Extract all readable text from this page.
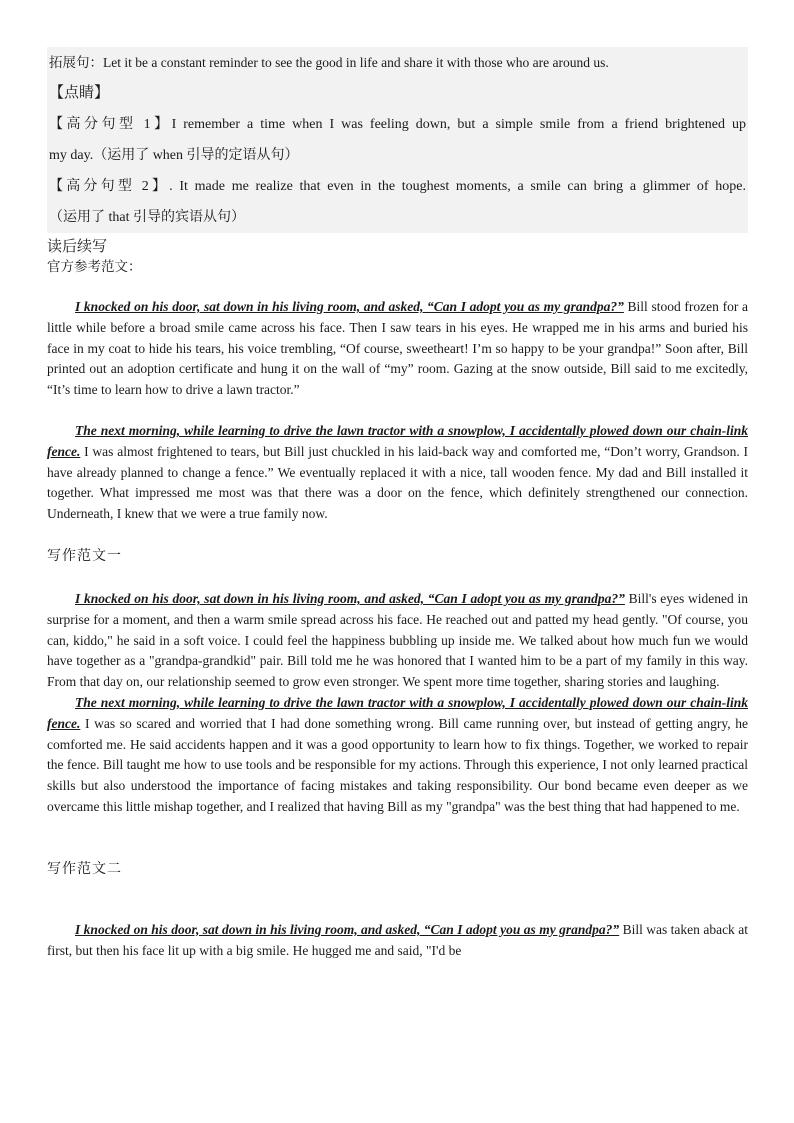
拓展句：Let it be a constant reminder to see the good in life and share it with those who are around us.
【点睛】
【高分句型 1】I remember a time when I was feeling down, but a simple smile from a friend brightened up
my day.（运用了 when 引导的定语从句）
【高分句型 2】. It made me realize that even in the toughest moments, a smile can bring a glimmer of hope.
（运用了 that 引导的宾语从句）
读后续写
官方参考范文：

I knocked on his door, sat down in his living room, and asked, “Can I adopt you as my grandpa?” Bill stood frozen for a little while before a broad smile came across his face. Then I saw tears in his eyes. He wrapped me in his arms and buried his face in my coat to hide his tears, his voice trembling, “Of course, sweetheart! I’m so happy to be your grandpa!” Soon after, Bill printed out an adoption certificate and hung it on the wall of “my” room. Gazing at the snow outside, Bill said to me excitedly, “It’s time to learn how to drive a lawn tractor.”

The next morning, while learning to drive the lawn tractor with a snowplow, I accidentally plowed down our chain-link fence. I was almost frightened to tears, but Bill just chuckled in his laid-back way and comforted me, “Don’t worry, Grandson. I have already planned to change a fence.” We eventually replaced it with a nice, tall wooden fence. My dad and Bill installed it together. What impressed me most was that there was a door on the fence, which definitely strengthened our connection. Underneath, I knew that we were a true family now.

写作范文一

I knocked on his door, sat down in his living room, and asked, “Can I adopt you as my grandpa?” Bill's eyes widened in surprise for a moment, and then a warm smile spread across his face. He reached out and patted my head gently. "Of course, you can, kiddo," he said in a soft voice. I could feel the happiness bubbling up inside me. We talked about how much fun we would have together as a "grandpa-grandkid" pair. Bill told me he was honored that I wanted him to be a part of my family in this way. From that day on, our relationship seemed to grow even stronger. We spent more time together, sharing stories and laughing.

The next morning, while learning to drive the lawn tractor with a snowplow, I accidentally plowed down our chain-link fence. I was so scared and worried that I had done something wrong. Bill came running over, but instead of getting angry, he comforted me. He said accidents happen and it was a good opportunity to learn how to fix things. Together, we worked to repair the fence. Bill taught me how to use tools and be responsible for my actions. Through this experience, I not only learned practical skills but also understood the importance of facing mistakes and taking responsibility. Our bond became even deeper as we overcame this little mishap together, and I realized that having Bill as my "grandpa" was the best thing that had happened to me.

写作范文二

I knocked on his door, sat down in his living room, and asked, “Can I adopt you as my grandpa?” Bill was taken aback at first, but then his face lit up with a big smile. He hugged me and said, "I'd be
